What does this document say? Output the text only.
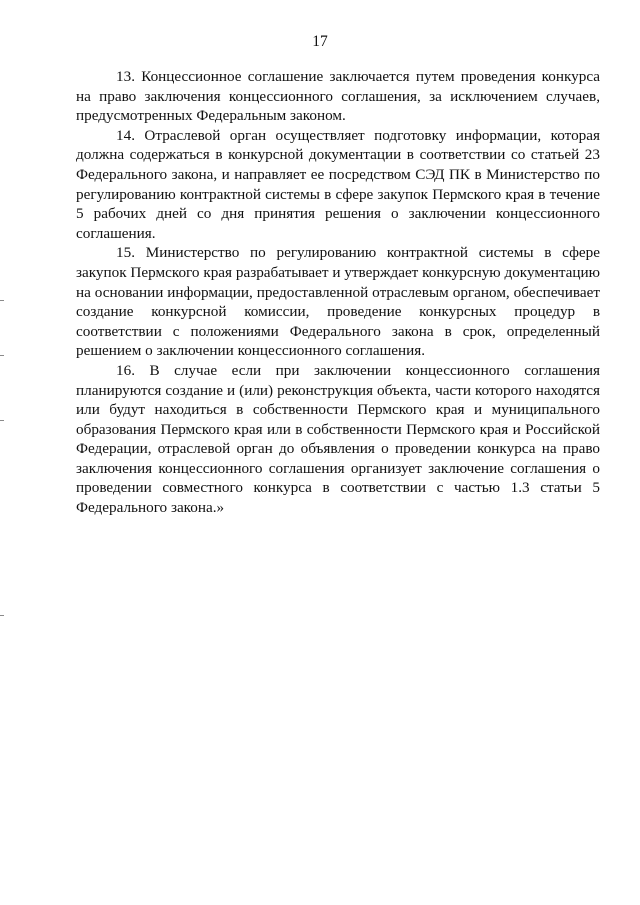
17

13. Концессионное соглашение заключается путем проведения конкурса на право заключения концессионного соглашения, за исключением случаев, предусмотренных Федеральным законом.

14. Отраслевой орган осуществляет подготовку информации, которая должна содержаться в конкурсной документации в соответствии со статьей 23 Федерального закона, и направляет ее посредством СЭД ПК в Министерство по регулированию контрактной системы в сфере закупок Пермского края в течение 5 рабочих дней со дня принятия решения о заключении концессионного соглашения.

15. Министерство по регулированию контрактной системы в сфере закупок Пермского края разрабатывает и утверждает конкурсную документацию на основании информации, предоставленной отраслевым органом, обеспечивает создание конкурсной комиссии, проведение конкурсных процедур в соответствии с положениями Федерального закона в срок, определенный решением о заключении концессионного соглашения.

16. В случае если при заключении концессионного соглашения планируются создание и (или) реконструкция объекта, части которого находятся или будут находиться в собственности Пермского края и муниципального образования Пермского края или в собственности Пермского края и Российской Федерации, отраслевой орган до объявления о проведении конкурса на право заключения концессионного соглашения организует заключение соглашения о проведении совместного конкурса в соответствии с частью 1.3 статьи 5 Федерального закона.»
